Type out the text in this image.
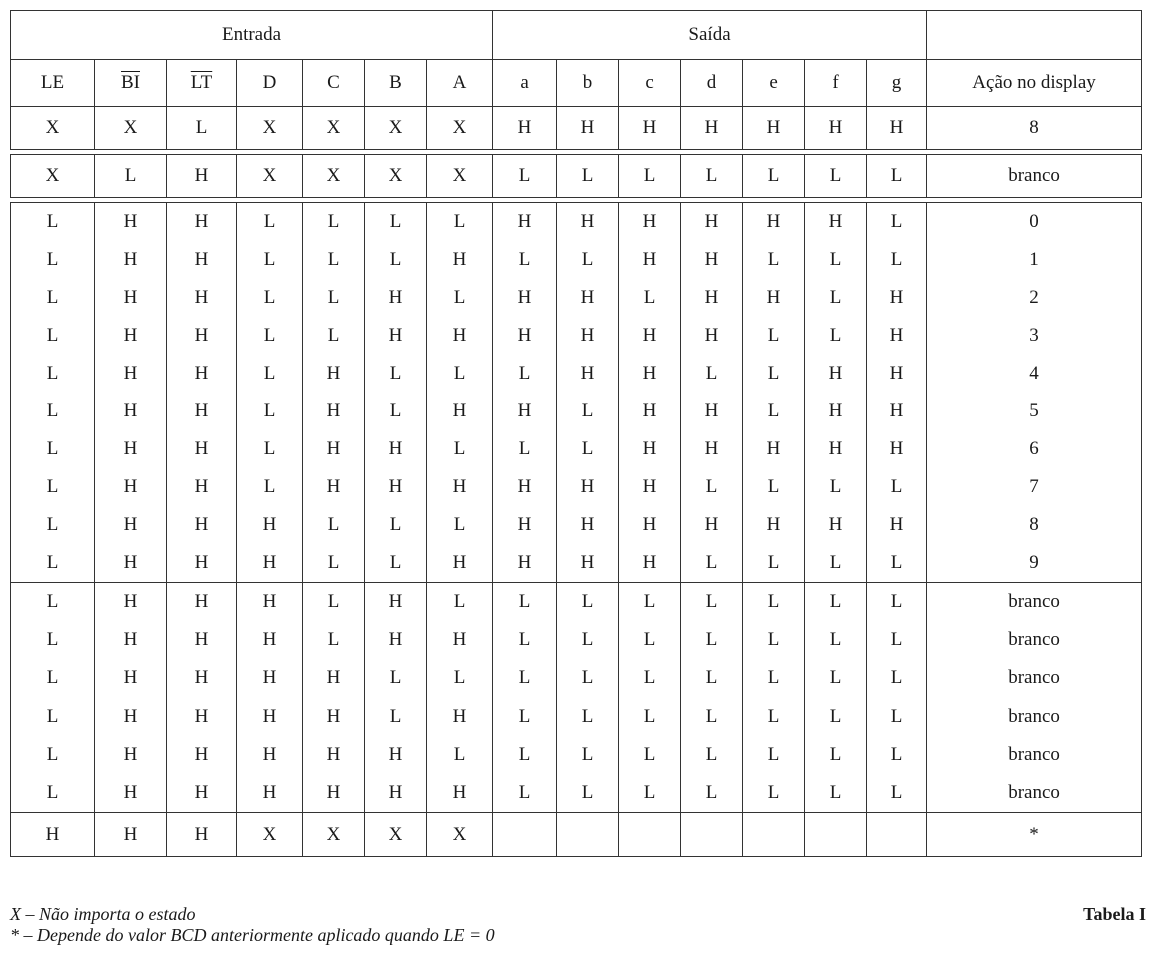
Entrada							Saída							
LE	$\overline{BI}$	$\overline{LT}$	D	C	B	A	a	b	c	d	e	f	g	Ação no display
X	X	L	X	X	X	X	H	H	H	H	H	H	H	8

X	L	H	X	X	X	X	L	L	L	L	L	L	L	branco

L	H	H	L	L	L	L	H	H	H	H	H	H	L	0
L	H	H	L	L	L	H	L	L	H	H	L	L	L	1
L	H	H	L	L	H	L	H	H	L	H	H	L	H	2
L	H	H	L	L	H	H	H	H	H	H	L	L	H	3
L	H	H	L	H	L	L	L	H	H	L	L	H	H	4
L	H	H	L	H	L	H	H	L	H	H	L	H	H	5
L	H	H	L	H	H	L	L	L	H	H	H	H	H	6
L	H	H	L	H	H	H	H	H	H	L	L	L	L	7
L	H	H	H	L	L	L	H	H	H	H	H	H	H	8
L	H	H	H	L	L	H	H	H	H	L	L	L	L	9
L	H	H	H	L	H	L	L	L	L	L	L	L	L	branco
L	H	H	H	L	H	H	L	L	L	L	L	L	L	branco
L	H	H	H	H	L	L	L	L	L	L	L	L	L	branco
L	H	H	H	H	L	H	L	L	L	L	L	L	L	branco
L	H	H	H	H	H	L	L	L	L	L	L	L	L	branco
L	H	H	H	H	H	H	L	L	L	L	L	L	L	branco
H	H	H	X	X	X	X								*
X – Não importa o estado
* – Depende do valor BCD anteriormente aplicado quando LE = 0
Tabela I
